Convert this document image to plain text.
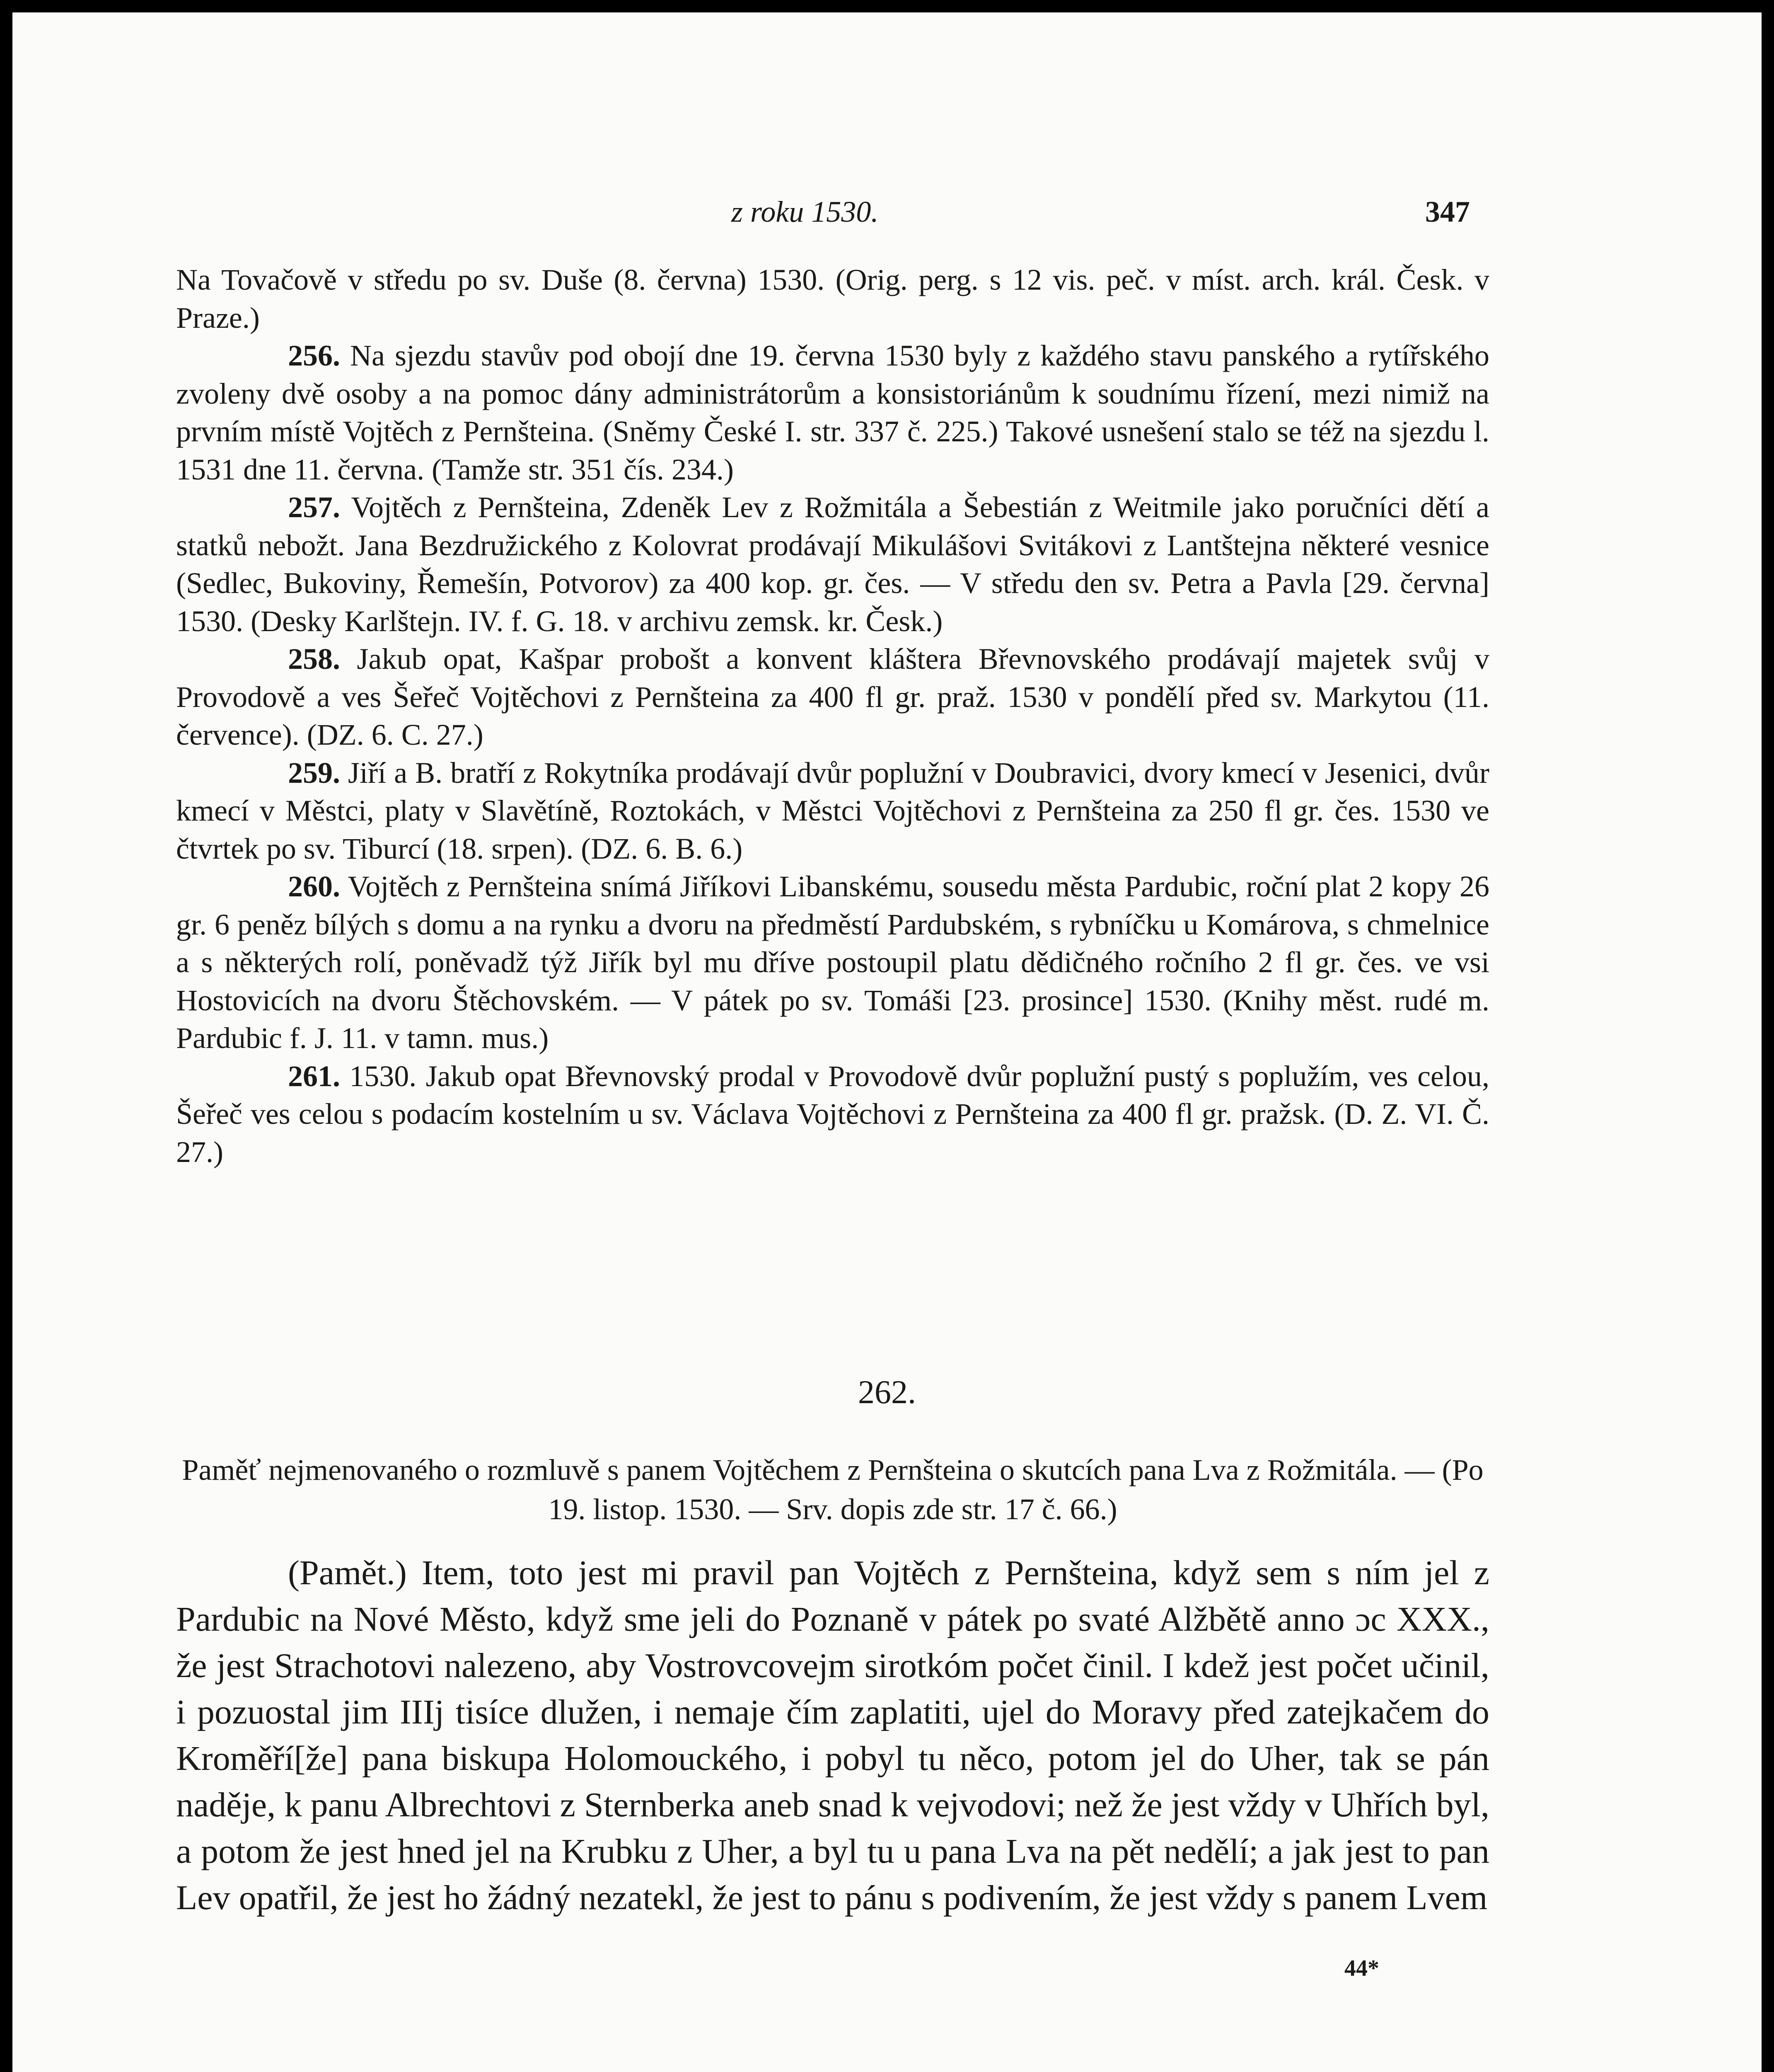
z roku 1530.	347

Na Tovačově v středu po sv. Duše (8. června) 1530. (Orig. perg. s 12 vis. peč. v míst. arch. král. Česk. v Praze.)

256. Na sjezdu stavův pod obojí dne 19. června 1530 byly z každého stavu panského a rytířského zvoleny dvě osoby a na pomoc dány administrátorům a konsistoriánům k soudnímu řízení, mezi nimiž na prvním místě Vojtěch z Pernšteina. (Sněmy České I. str. 337 č. 225.) Takové usnešení stalo se též na sjezdu l. 1531 dne 11. června. (Tamže str. 351 čís. 234.)

257. Vojtěch z Pernšteina, Zdeněk Lev z Rožmitála a Šebestián z Weitmile jako poručníci dětí a statků nebožt. Jana Bezdružického z Kolovrat prodávají Mikulášovi Svitákovi z Lantštejna některé vesnice (Sedlec, Bukoviny, Řemešín, Potvorov) za 400 kop. gr. čes. — V středu den sv. Petra a Pavla [29. června] 1530. (Desky Karlštejn. IV. f. G. 18. v archivu zemsk. kr. Česk.)

258. Jakub opat, Kašpar probošt a konvent kláštera Břevnovského prodávají majetek svůj v Provodově a ves Šeřeč Vojtěchovi z Pernšteina za 400 fl gr. praž. 1530 v pondělí před sv. Markytou (11. července). (DZ. 6. C. 27.)

259. Jiří a B. bratří z Rokytníka prodávají dvůr poplužní v Doubravici, dvory kmecí v Jesenici, dvůr kmecí v Městci, platy v Slavětíně, Roztokách, v Městci Vojtěchovi z Pernšteina za 250 fl gr. čes. 1530 ve čtvrtek po sv. Tiburcí (18. srpen). (DZ. 6. B. 6.)

260. Vojtěch z Pernšteina snímá Jiříkovi Libanskému, sousedu města Pardubic, roční plat 2 kopy 26 gr. 6 peněz bílých s domu a na rynku a dvoru na předměstí Pardubském, s rybníčku u Komárova, s chmelnice a s některých rolí, poněvadž týž Jiřík byl mu dříve postoupil platu dědičného ročního 2 fl gr. čes. ve vsi Hostovicích na dvoru Štěchovském. — V pátek po sv. Tomáši [23. prosince] 1530. (Knihy měst. rudé m. Pardubic f. J. 11. v tamn. mus.)

261. 1530. Jakub opat Břevnovský prodal v Provodově dvůr poplužní pustý s poplužím, ves celou, Šeřeč ves celou s podacím kostelním u sv. Václava Vojtěchovi z Pernšteina za 400 fl gr. pražsk. (D. Z. VI. Č. 27.)

262.
Paměť nejmenovaného o rozmluvě s panem Vojtěchem z Pernšteina o skutcích pana Lva z Rožmitála. — (Po 19. listop. 1530. — Srv. dopis zde str. 17 č. 66.)

(Pamět.) Item, toto jest mi pravil pan Vojtěch z Pernšteina, když sem s ním jel z Pardubic na Nové Město, když sme jeli do Poznaně v pátek po svaté Alžbětě anno ɔc XXX., že jest Strachotovi nalezeno, aby Vostrovcovejm sirotkóm počet činil. I kdež jest počet učinil, i pozuostal jim IIIj tisíce dlužen, i nemaje čím zaplatiti, ujel do Moravy před zatejkačem do Kroměří[že] pana biskupa Holomouckého, i pobyl tu něco, potom jel do Uher, tak se pán naděje, k panu Albrechtovi z Sternberka aneb snad k vejvodovi; než že jest vždy v Uhřích byl, a potom že jest hned jel na Krubku z Uher, a byl tu u pana Lva na pět nedělí; a jak jest to pan Lev opatřil, že jest ho žádný nezatekl, že jest to pánu s podivením, že jest vždy s panem Lvem

44*
